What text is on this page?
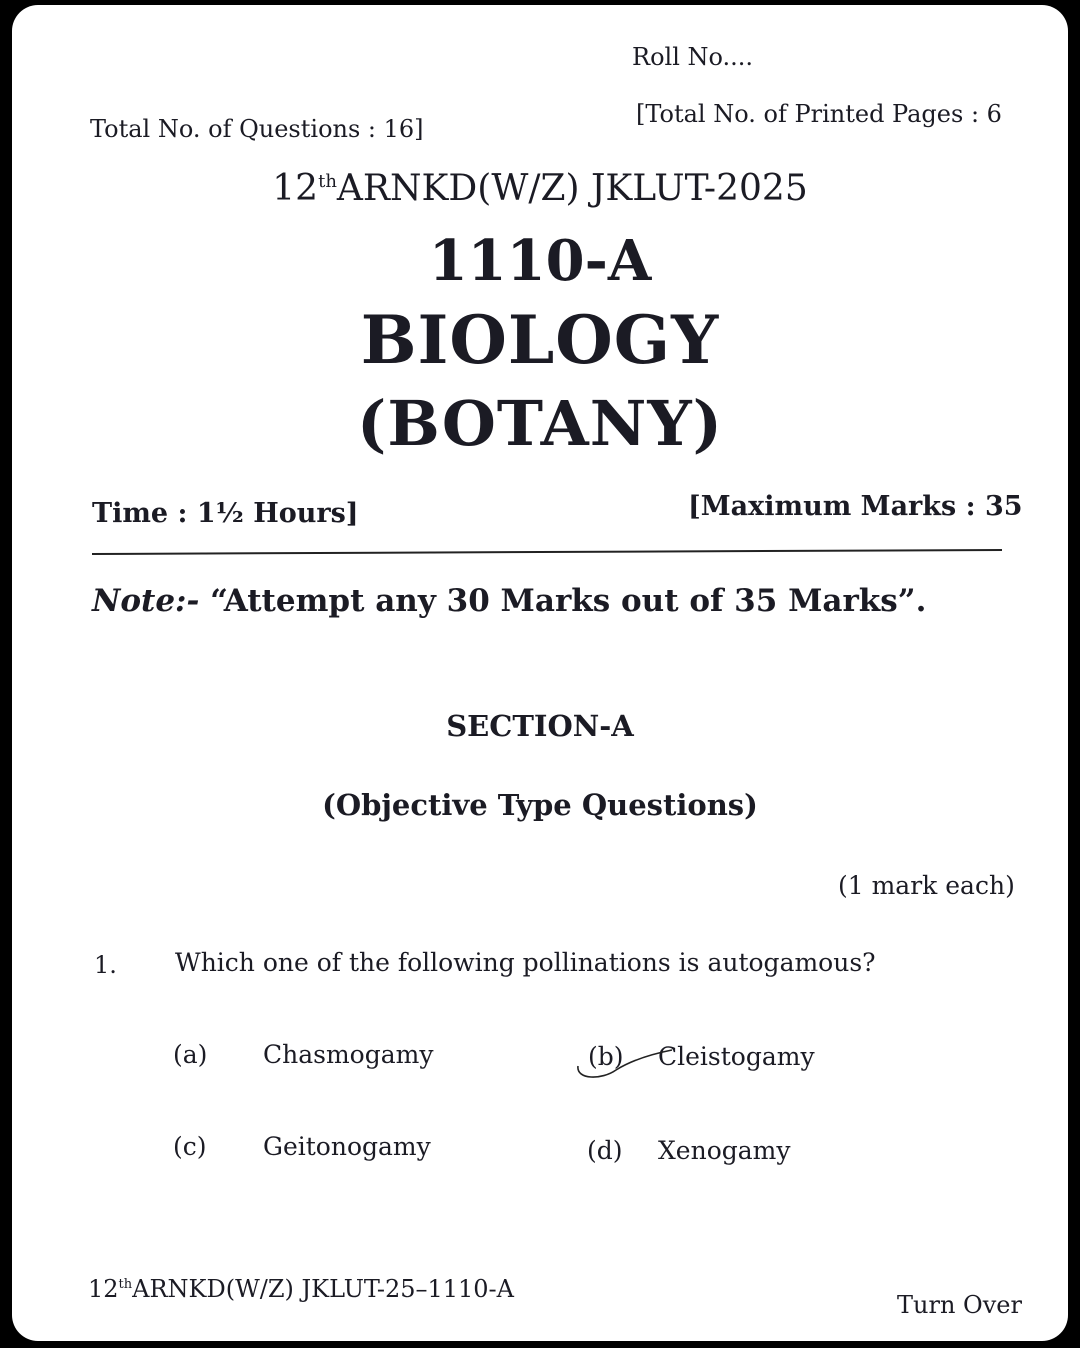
Roll No....
Total No. of Questions : 16]
[Total No. of Printed Pages : 6
12thARNKD(W/Z) JKLUT-2025
1110-A
BIOLOGY
(BOTANY)
Time : 1½ Hours]	[Maximum Marks : 35
Note:- “Attempt any 30 Marks out of 35 Marks”.
SECTION-A
(Objective Type Questions)
(1 mark each)
1. Which one of the following pollinations is autogamous?
(a) Chasmogamy	(b) Cleistogamy
(c) Geitonogamy	(d) Xenogamy
12thARNKD(W/Z) JKLUT-25–1110-A
Turn Over
